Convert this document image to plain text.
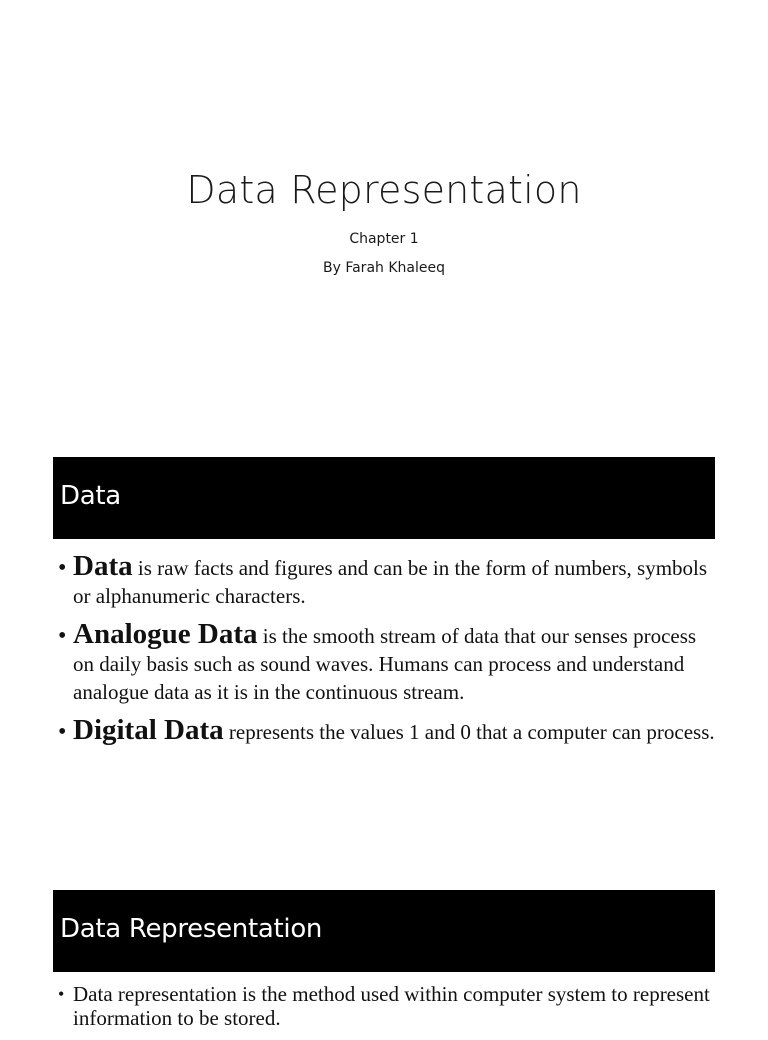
Data Representation
Chapter 1
By Farah Khaleeq
Data
• Data is raw facts and figures and can be in the form of numbers, symbols or alphanumeric characters.
• Analogue Data is the smooth stream of data that our senses process on daily basis such as sound waves. Humans can process and understand analogue data as it is in the continuous stream.
• Digital Data represents the values 1 and 0 that a computer can process.
Data Representation
• Data representation is the method used within computer system to represent information to be stored.
